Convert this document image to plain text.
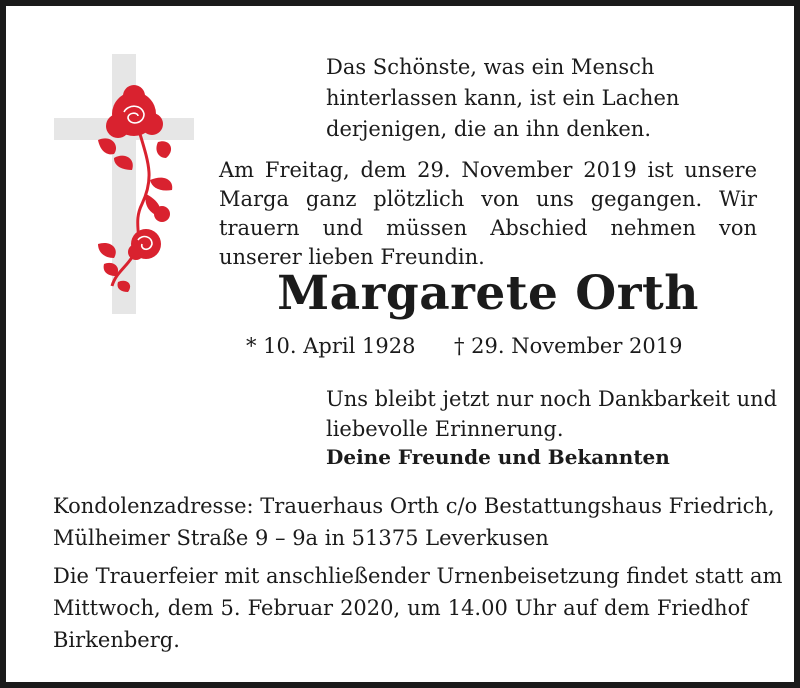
Das Schönste, was ein Mensch
hinterlassen kann, ist ein Lachen
derjenigen, die an ihn denken.
Am Freitag, dem 29. November 2019 ist unsere Marga ganz plötzlich von uns gegangen. Wir trauern und müssen Abschied nehmen von unserer lieben Freundin.
Margarete Orth
* 10. April 1928 † 29. November 2019
Uns bleibt jetzt nur noch Dankbarkeit und
liebevolle Erinnerung.
Deine Freunde und Bekannten
Kondolenzadresse: Trauerhaus Orth c/o Bestattungshaus Friedrich,
Mülheimer Straße 9 – 9a in 51375 Leverkusen
Die Trauerfeier mit anschließender Urnenbeisetzung findet statt am
Mittwoch, dem 5. Februar 2020, um 14.00 Uhr auf dem Friedhof
Birkenberg.
